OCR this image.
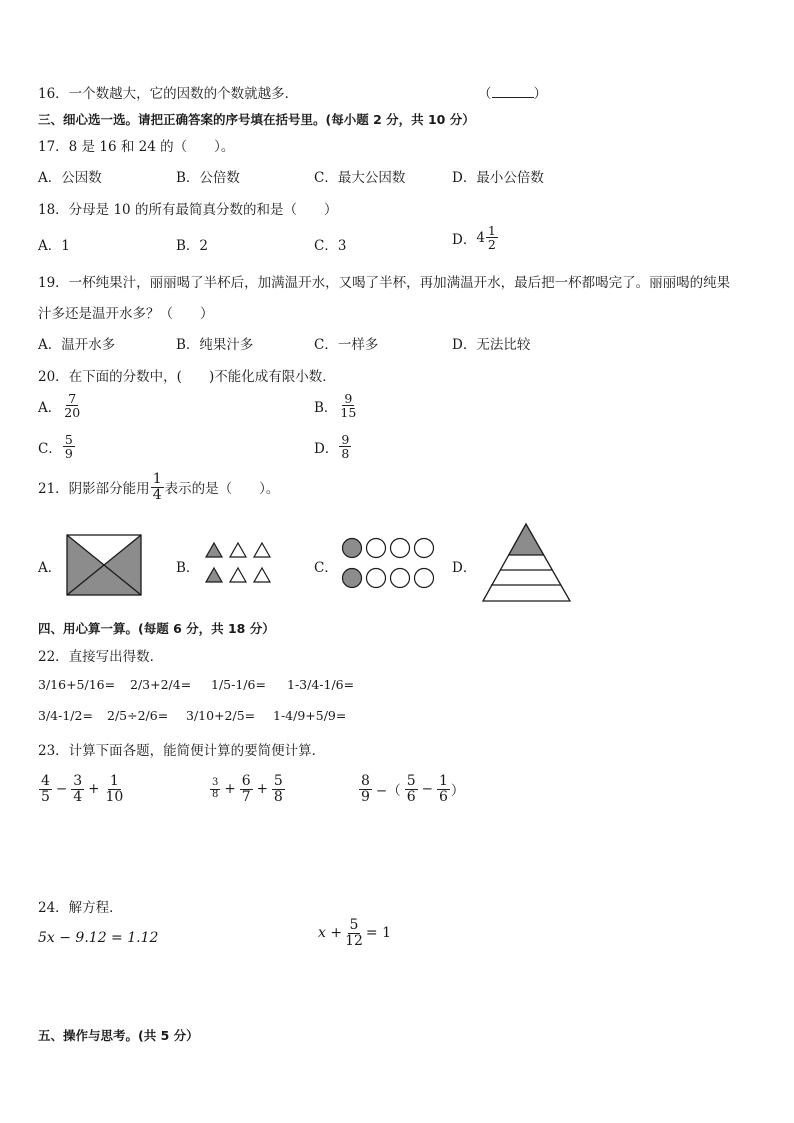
16．一个数越大，它的因数的个数就越多．	（	）
三、细心选一选。请把正确答案的序号填在括号里。(每小题 2 分，共 10 分）
17．8 是 16 和 24 的（　　）。
A．公因数	B．公倍数	C．最大公因数	D．最小公倍数
18．分母是 10 的所有最简真分数的和是（　　）
A．1	B．2	C．3	D． $4 \frac{1}{2}$
19．一杯纯果汁，丽丽喝了半杯后，加满温开水，又喝了半杯，再加满温开水，最后把一杯都喝完了。丽丽喝的纯果
汁多还是温开水多？（　　）
A．温开水多	B．纯果汁多	C．一样多	D．无法比较
20．在下面的分数中，(　　)不能化成有限小数．
A． $\frac{7}{20}$	B． $\frac{9}{15}$
C． $\frac{5}{9}$	D． $\frac{9}{8}$
21．阴影部分能用 $\frac{1}{4}$ 表示的是（　　）。
A．	B．	C．	D．
四、用心算一算。(每题 6 分，共 18 分）
22．直接写出得数．
3/16+5/16= 2/3+2/4= 1/5-1/6= 1-3/4-1/6=
3/4-1/2= 2/5÷2/6= 3/10+2/5= 1-4/9+5/9=
23．计算下面各题，能简便计算的要简便计算．
$\frac{4}{5} - \frac{3}{4} + \frac{1}{10}$	$\frac{3}{8} + \frac{6}{7} + \frac{5}{8}$	$\frac{8}{9}$ −（ $\frac{5}{6} - \frac{1}{6}$ ）
24．解方程．
5x − 9.12 = 1.12	$x + \frac{5}{12} = 1$
五、操作与思考。(共 5 分）
